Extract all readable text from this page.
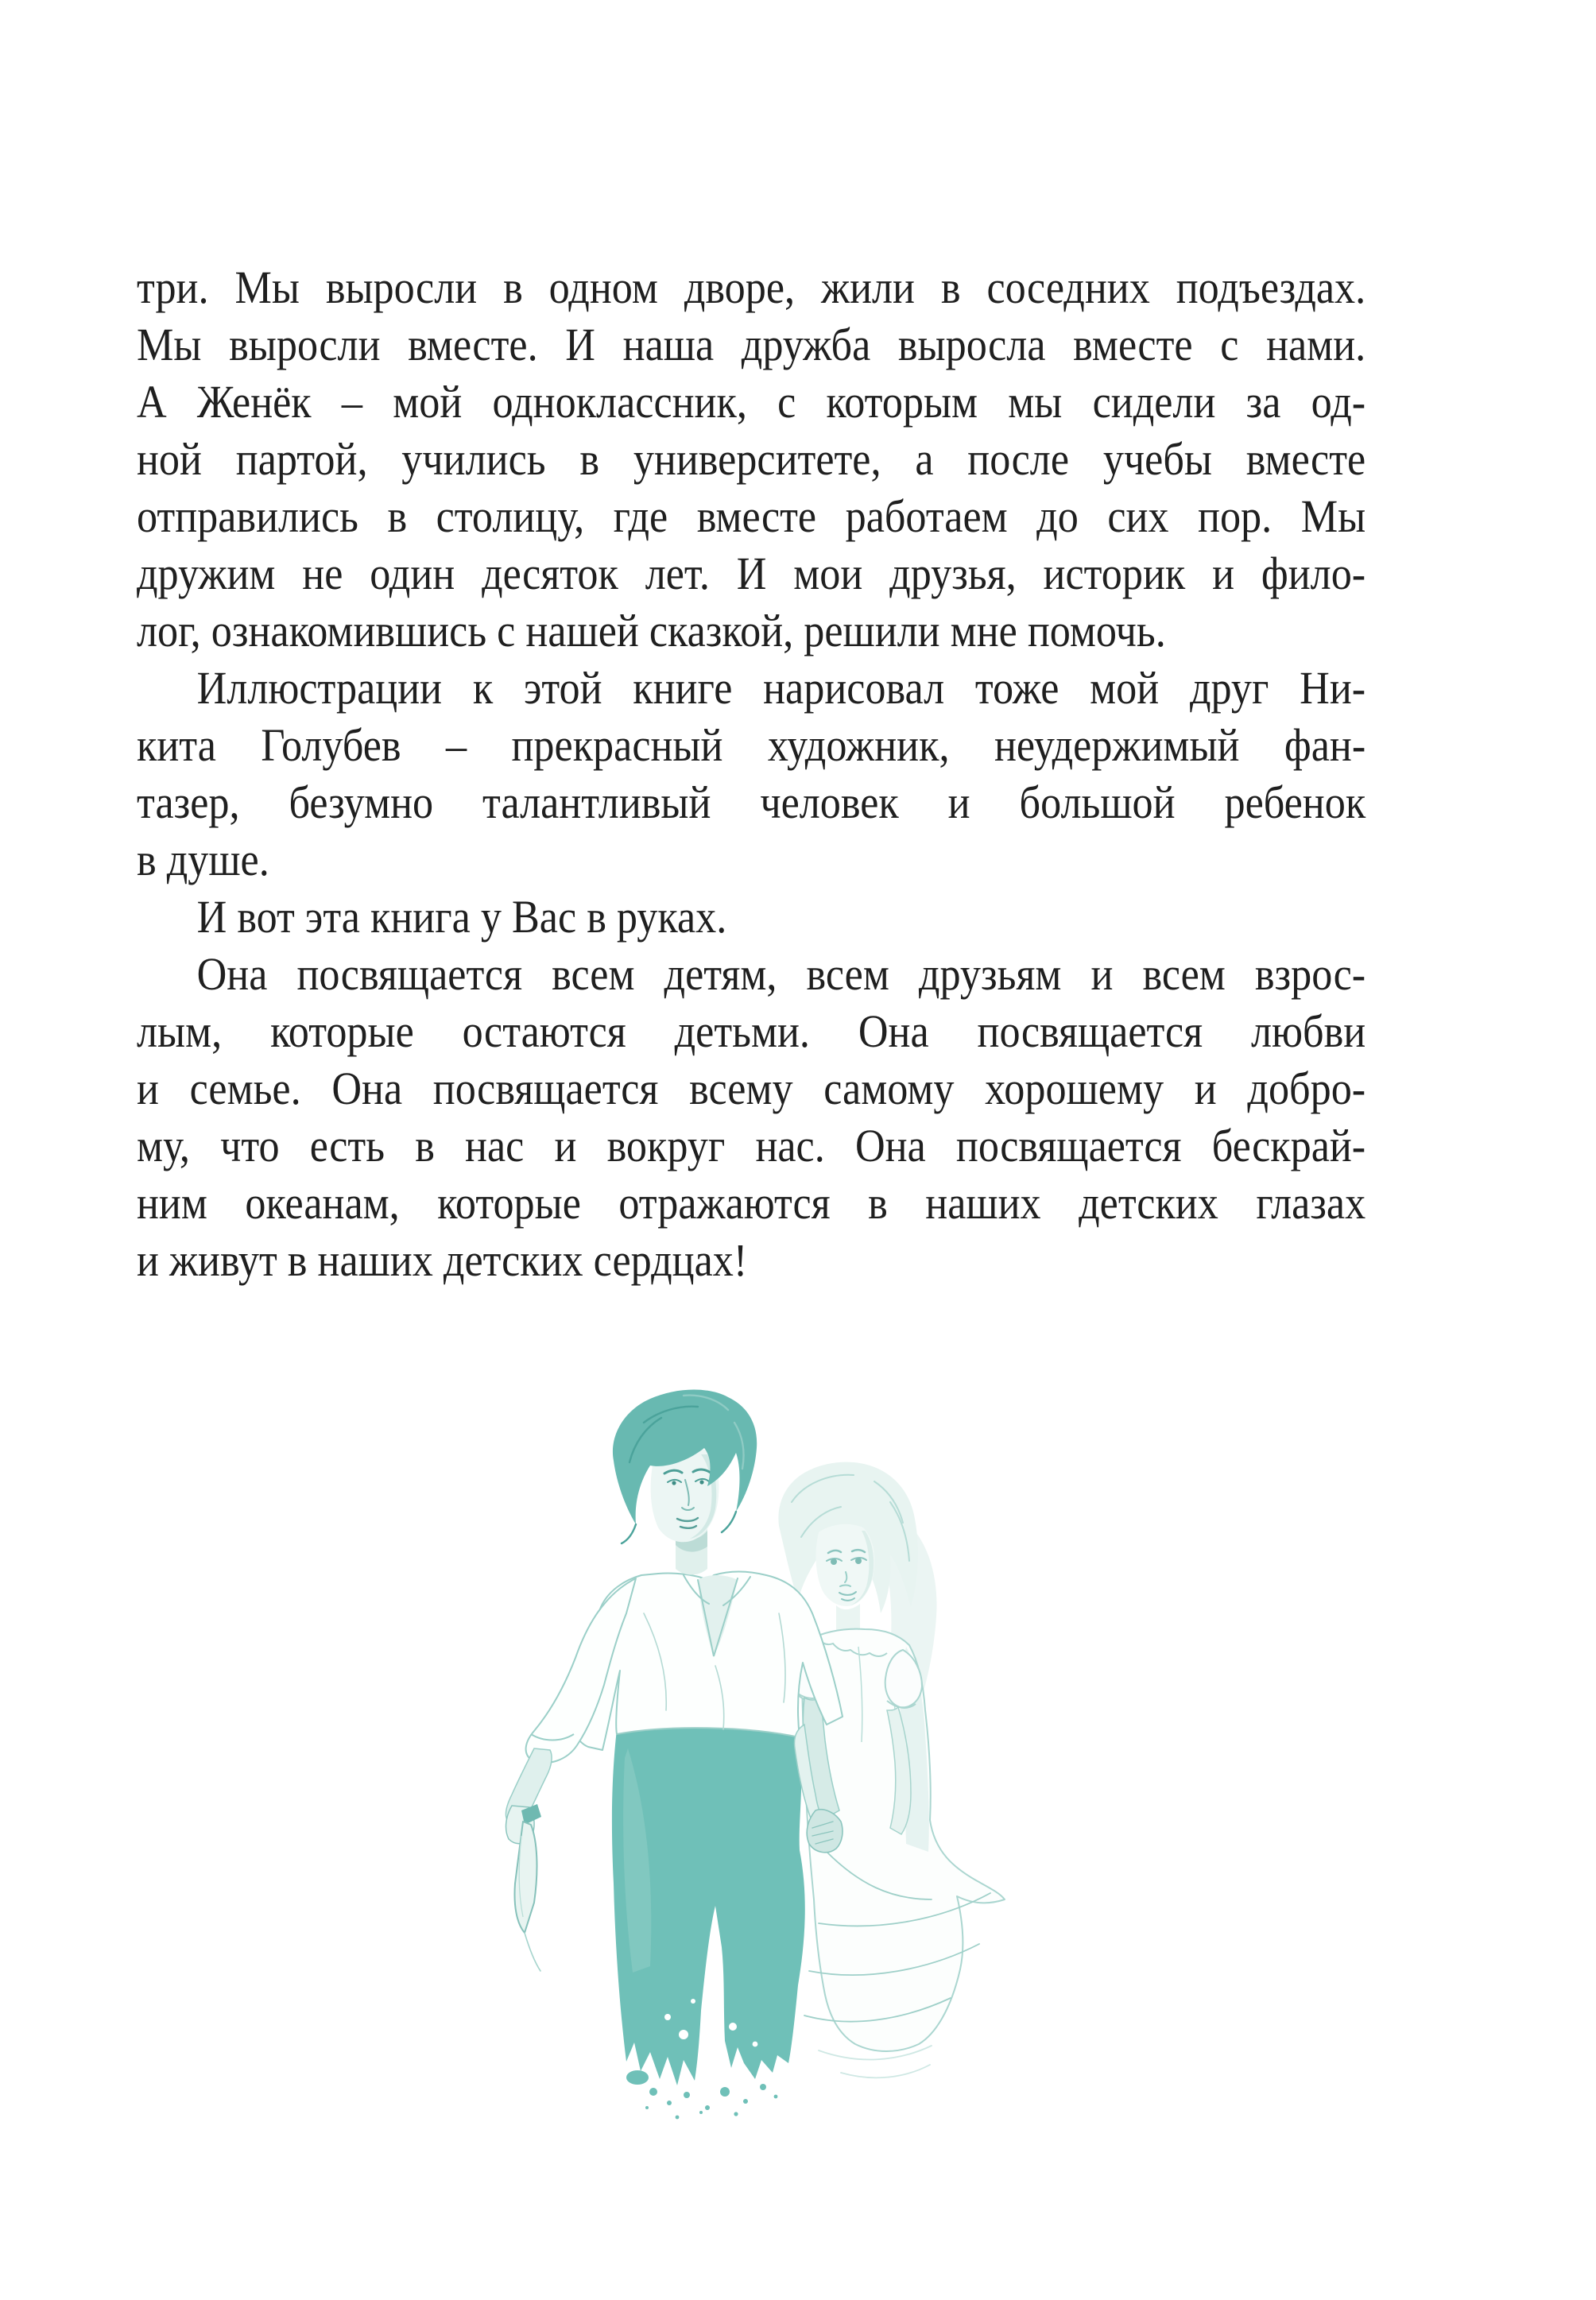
три. Мы выросли в одном дворе, жили в соседних подъездах.
Мы выросли вместе. И наша дружба выросла вместе с нами.
А Женёк – мой одноклассник, с которым мы сидели за од-
ной партой, учились в университете, а после учебы вместе
отправились в столицу, где вместе работаем до сих пор. Мы
дружим не один десяток лет. И мои друзья, историк и фило-
лог, ознакомившись с нашей сказкой, решили мне помочь.
Иллюстрации к этой книге нарисовал тоже мой друг Ни-
кита Голубев – прекрасный художник, неудержимый фан-
тазер, безумно талантливый человек и большой ребенок
в душе.
И вот эта книга у Вас в руках.
Она посвящается всем детям, всем друзьям и всем взрос-
лым, которые остаются детьми. Она посвящается любви
и семье. Она посвящается всему самому хорошему и добро-
му, что есть в нас и вокруг нас. Она посвящается бескрай-
ним океанам, которые отражаются в наших детских глазах
и живут в наших детских сердцах!
